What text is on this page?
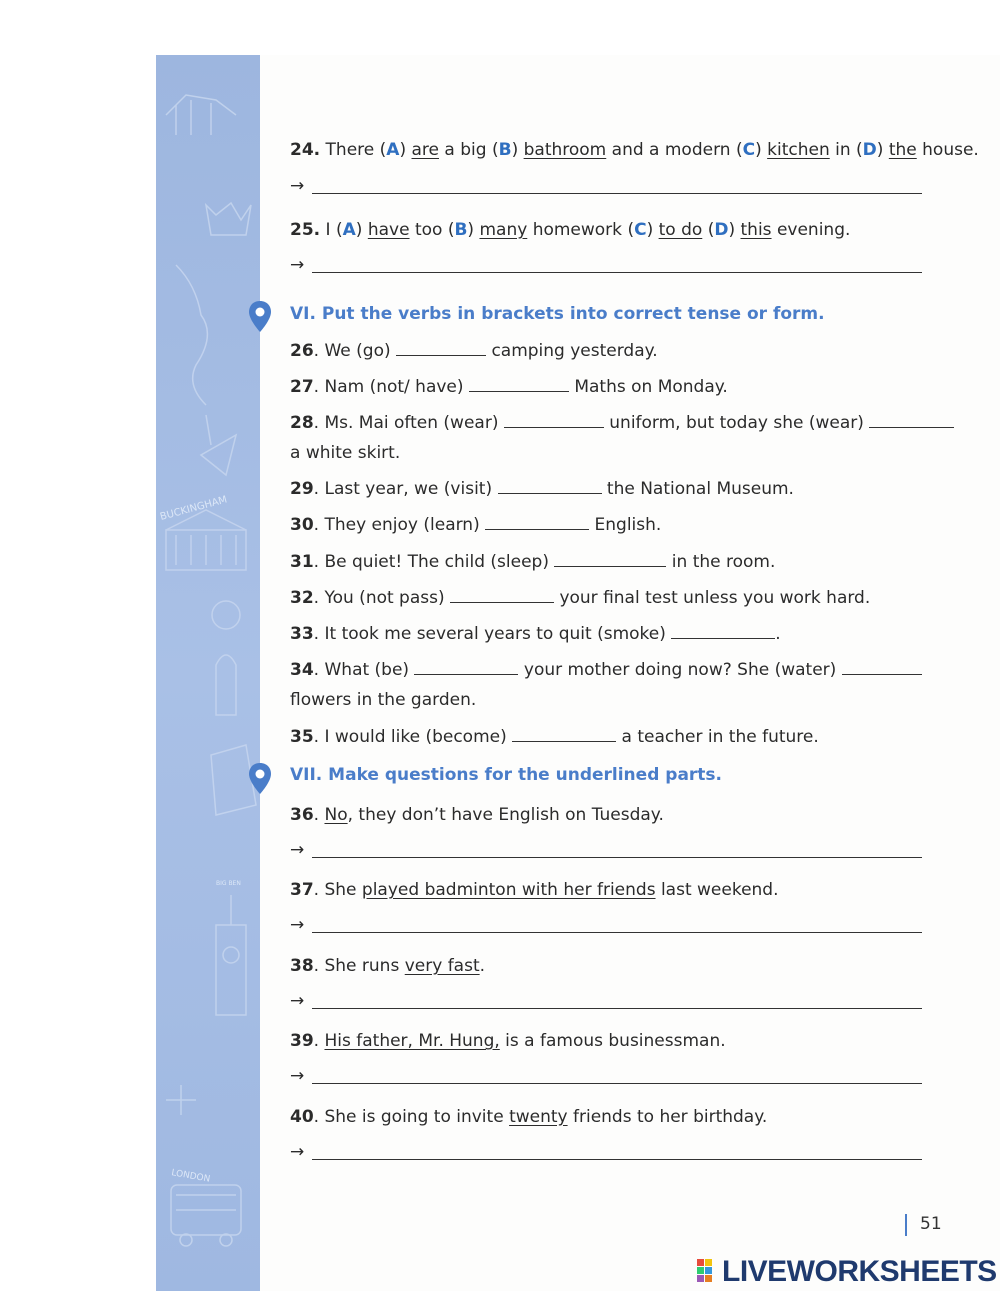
BUCKINGHAM
LONDON
BIG BEN
24. There (A) are a big (B) bathroom and a modern (C) kitchen in (D) the house.
→
25. I (A) have too (B) many homework (C) to do (D) this evening.
→
VI. Put the verbs in brackets into correct tense or form.
26. We (go)	camping yesterday.
27. Nam (not/ have)	Maths on Monday.
28. Ms. Mai often (wear)	uniform, but today she (wear)
a white skirt.
29. Last year, we (visit)	the National Museum.
30. They enjoy (learn)	English.
31. Be quiet! The child (sleep)	in the room.
32. You (not pass)	your final test unless you work hard.
33. It took me several years to quit (smoke)	.
34. What (be)	your mother doing now? She (water)
flowers in the garden.
35. I would like (become)	a teacher in the future.
VII. Make questions for the underlined parts.
36. No, they don’t have English on Tuesday.
→
37. She played badminton with her friends last weekend.
→
38. She runs very fast.
→
39. His father, Mr. Hung, is a famous businessman.
→
40. She is going to invite twenty friends to her birthday.
→
51
LIVEWORKSHEETS
